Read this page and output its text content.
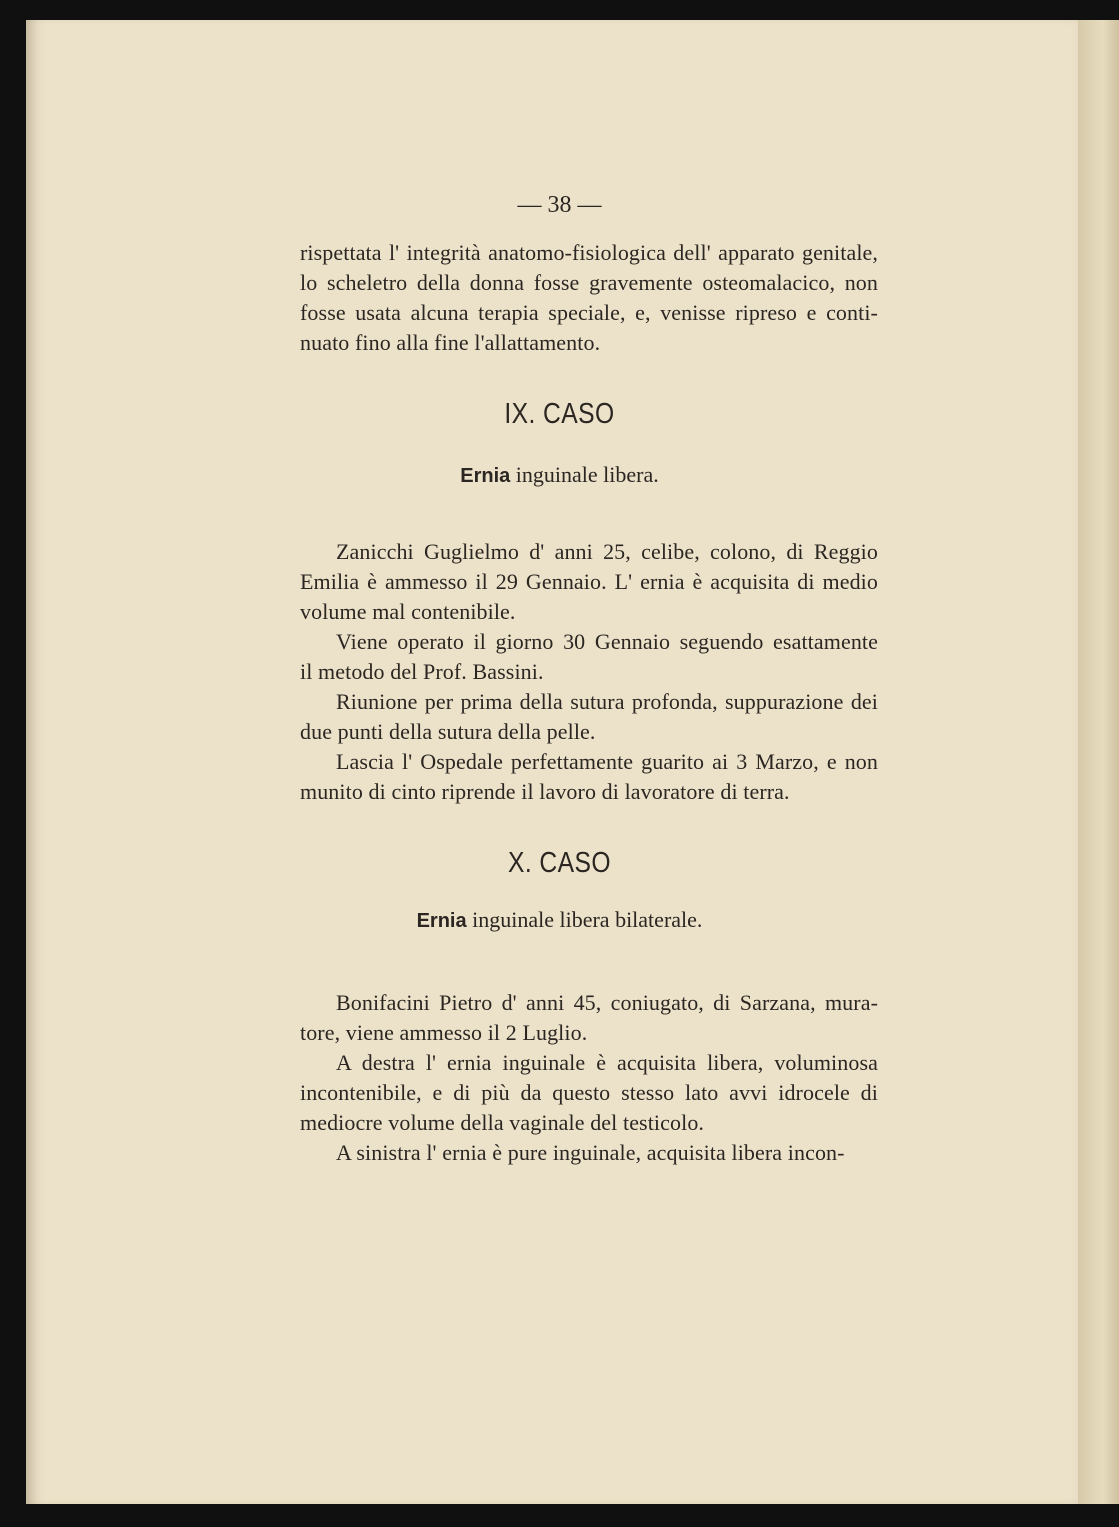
— 38 —
rispettata l' integrità anatomo-fisiologica dell' apparato genitale,
lo scheletro della donna fosse gravemente osteomalacico, non
fosse usata alcuna terapia speciale, e, venisse ripreso e conti-
nuato fino alla fine l'allattamento.
IX. CASO
Ernia inguinale libera.
Zanicchi Guglielmo d' anni 25, celibe, colono, di Reggio
Emilia è ammesso il 29 Gennaio. L' ernia è acquisita di medio
volume mal contenibile.
Viene operato il giorno 30 Gennaio seguendo esattamente
il metodo del Prof. Bassini.
Riunione per prima della sutura profonda, suppurazione dei
due punti della sutura della pelle.
Lascia l' Ospedale perfettamente guarito ai 3 Marzo, e non
munito di cinto riprende il lavoro di lavoratore di terra.
X. CASO
Ernia inguinale libera bilaterale.
Bonifacini Pietro d' anni 45, coniugato, di Sarzana, mura-
tore, viene ammesso il 2 Luglio.
A destra l' ernia inguinale è acquisita libera, voluminosa
incontenibile, e di più da questo stesso lato avvi idrocele di
mediocre volume della vaginale del testicolo.
A sinistra l' ernia è pure inguinale, acquisita libera incon-
